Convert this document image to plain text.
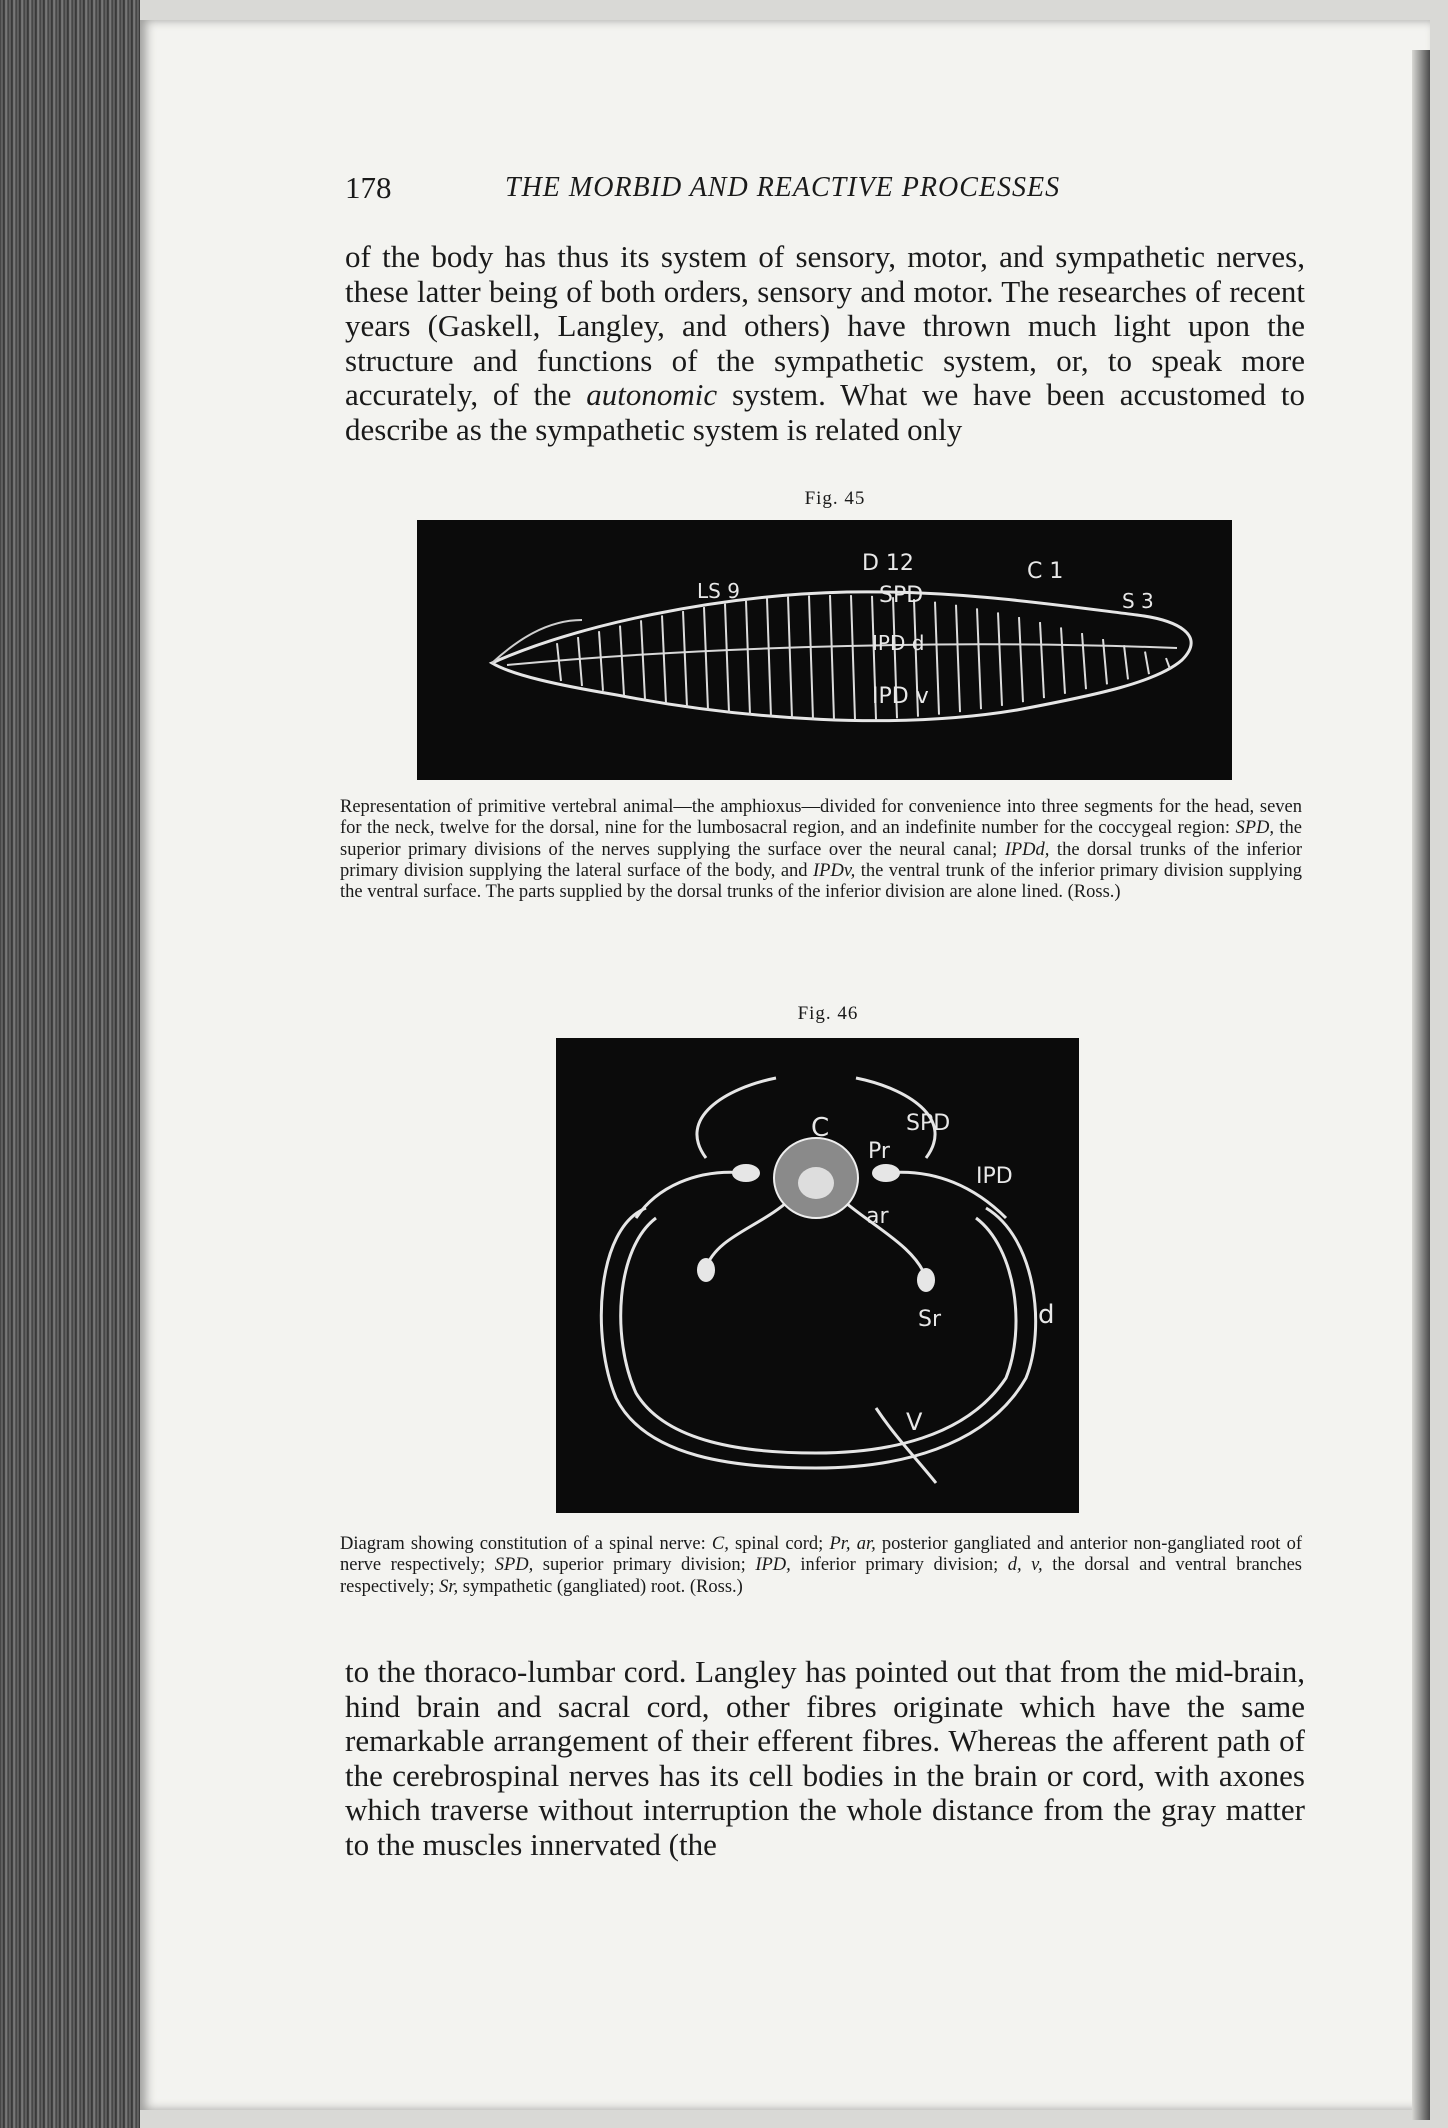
178	THE MORBID AND REACTIVE PROCESSES

of the body has thus its system of sensory, motor, and sympathetic nerves, these latter being of both orders, sensory and motor. The researches of recent years (Gaskell, Langley, and others) have thrown much light upon the structure and functions of the sympathetic system, or, to speak more accurately, of the autonomic system. What we have been accustomed to describe as the sympathetic system is related only

Fig. 45
D 12	C 1
LS 9	SPD
IPD d
IPD v
S 3

Representation of primitive vertebral animal—the amphioxus—divided for convenience into three segments for the head, seven for the neck, twelve for the dorsal, nine for the lumbosacral region, and an indefinite number for the coccygeal region: SPD, the superior primary divisions of the nerves supplying the surface over the neural canal; IPDd, the dorsal trunks of the inferior primary division supplying the lateral surface of the body, and IPDv, the ventral trunk of the inferior primary division supplying the ventral surface. The parts supplied by the dorsal trunks of the inferior division are alone lined. (Ross.)

Fig. 46
C	SPD
Pr
IPD
ar
Sr	d
V

Diagram showing constitution of a spinal nerve: C, spinal cord; Pr, ar, posterior gangliated and anterior non-gangliated root of nerve respectively; SPD, superior primary division; IPD, inferior primary division; d, v, the dorsal and ventral branches respectively; Sr, sympathetic (gangliated) root. (Ross.)

to the thoraco-lumbar cord. Langley has pointed out that from the mid-brain, hind brain and sacral cord, other fibres originate which have the same remarkable arrangement of their efferent fibres. Whereas the afferent path of the cerebrospinal nerves has its cell bodies in the brain or cord, with axones which traverse without interruption the whole distance from the gray matter to the muscles innervated (the
